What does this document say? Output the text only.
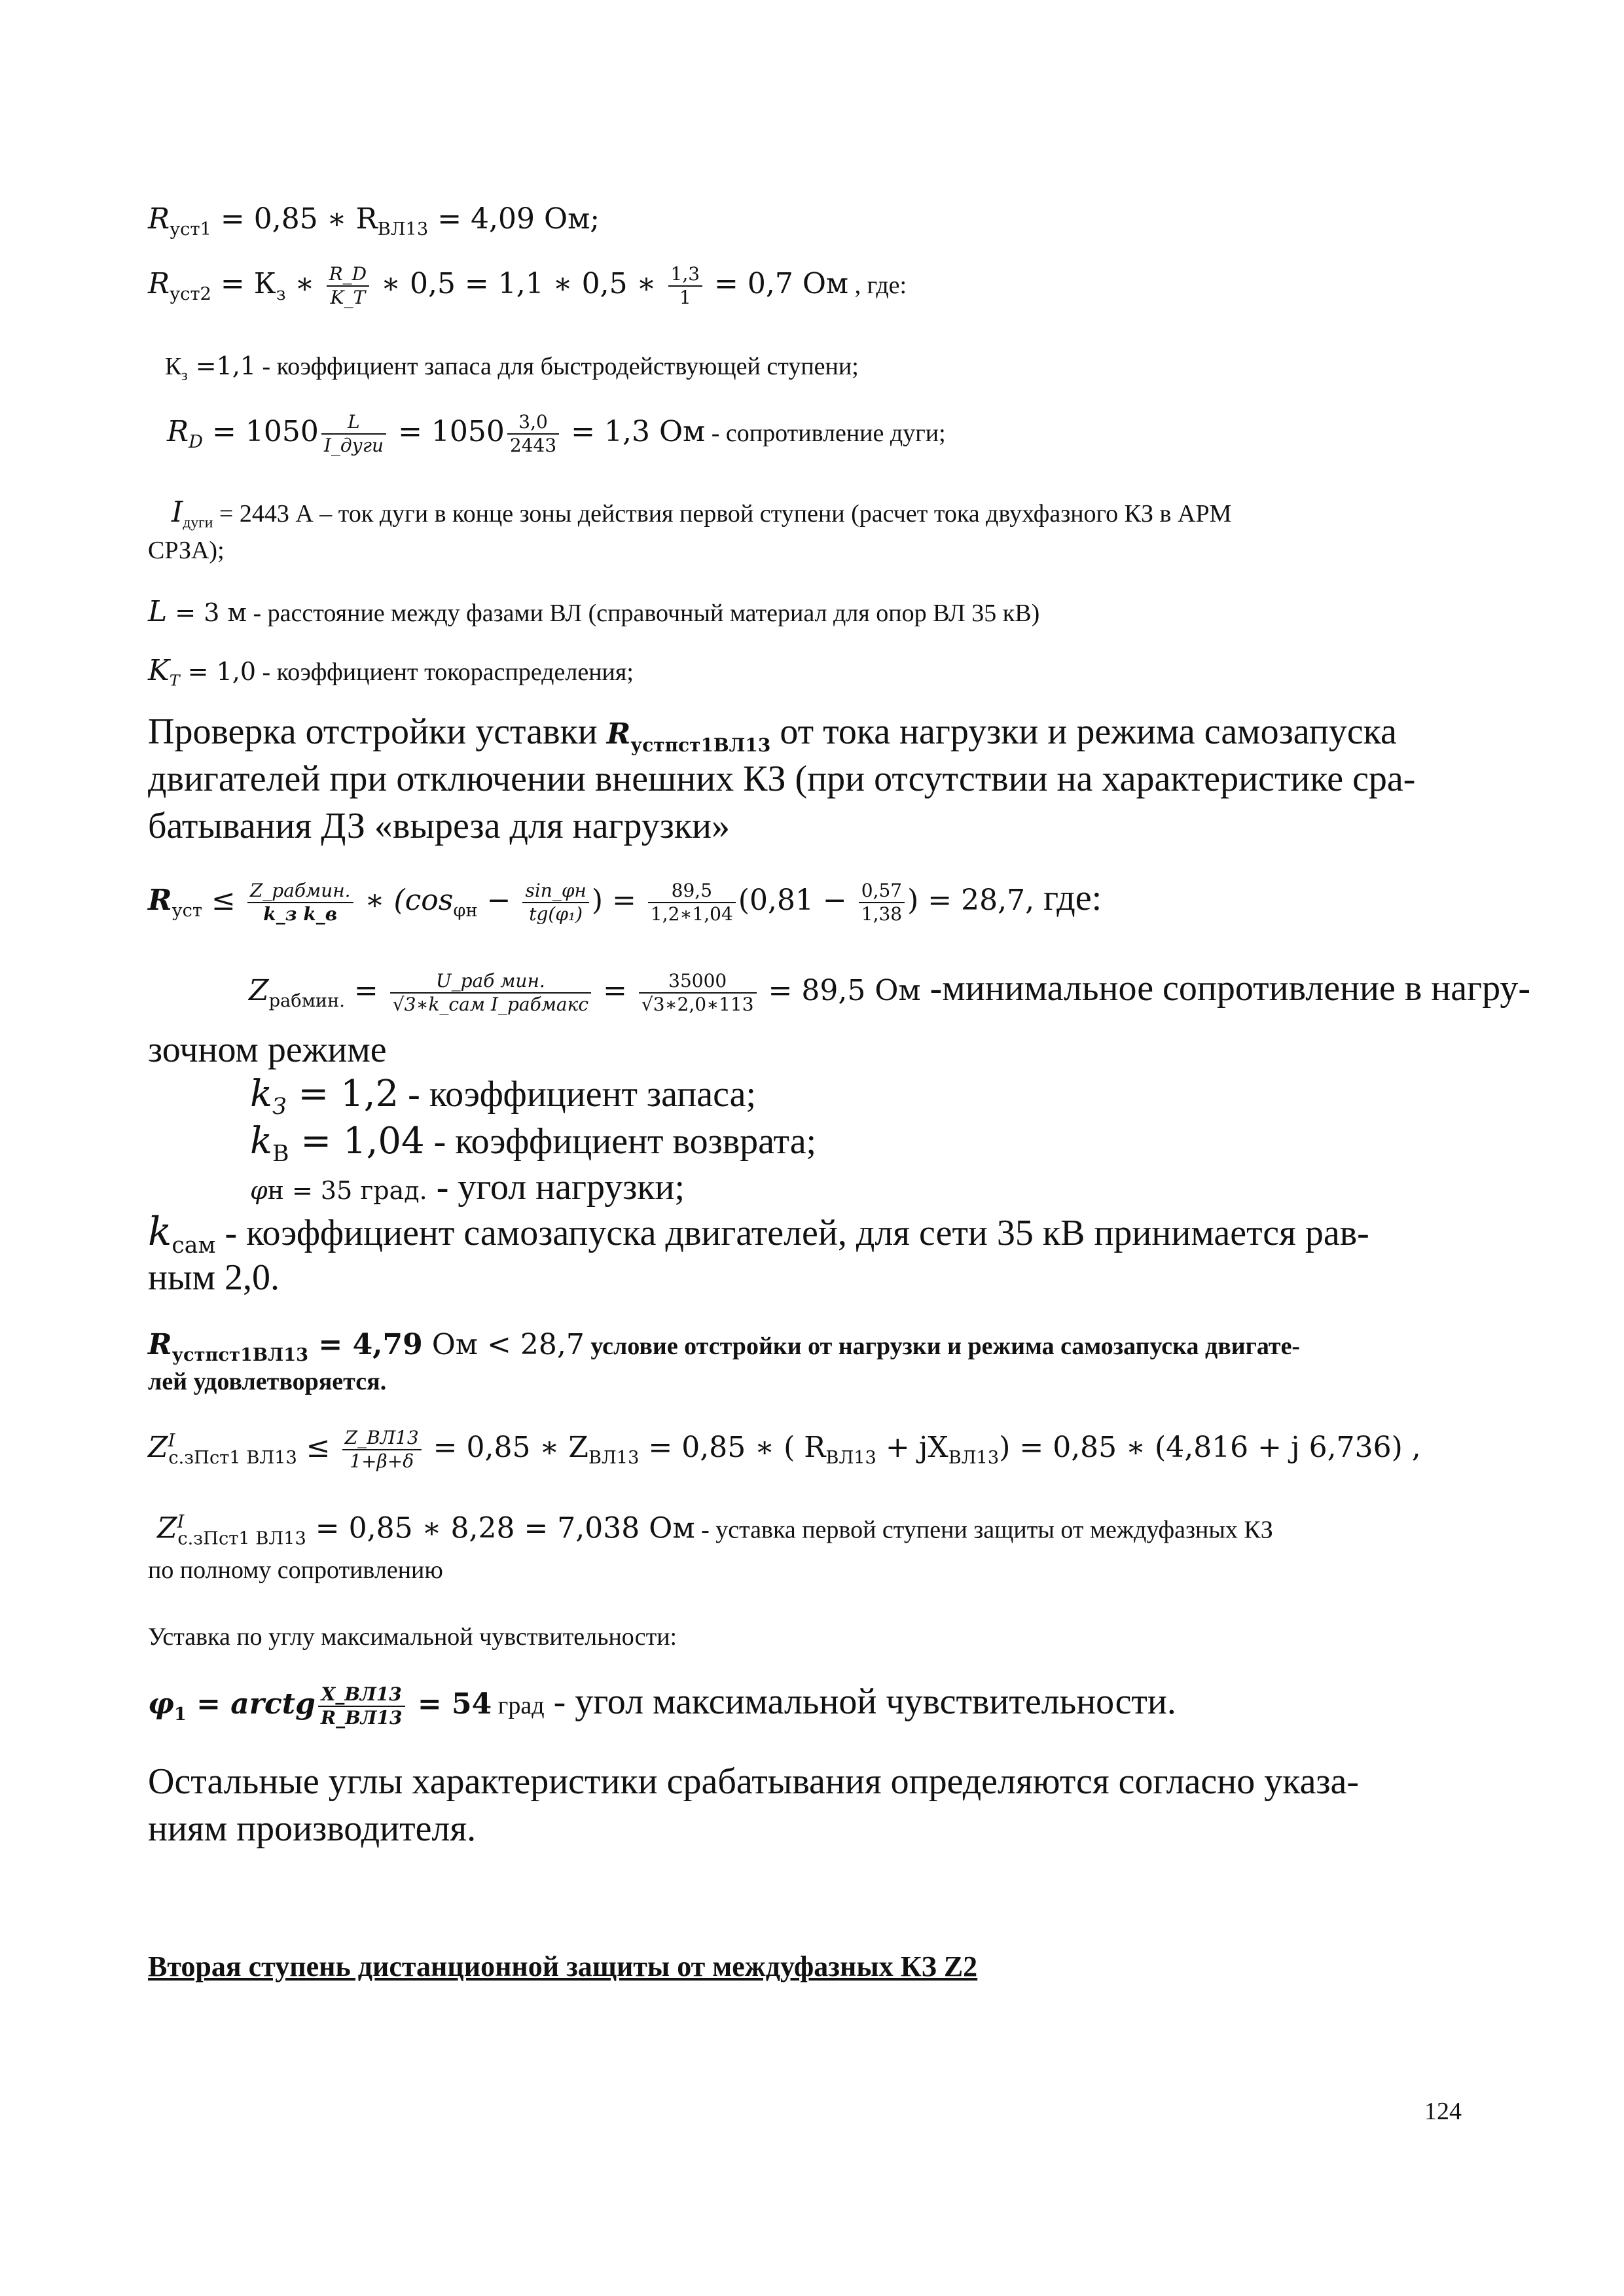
$R_{уст1} = 0,85$ ∗ $R_{ВЛ13} = 4,09$ Ом;
$R_{уст2} = К_з$ ∗ $\frac{R\_D}{K\_T}$ ∗ 0,5 = 1,1 ∗ 0,5 ∗ $\frac{1,3}{1} = 0,7$ Ом , где:
$К_з =1,1$ - коэффициент запаса для быстродействующей ступени;
$R_D = 1050 \frac{L}{\text{I\_дуги}} = 1050 \frac{3,0}{2443} = 1,3$ Ом - сопротивление дуги;
$I_{дуги} = 2443$ А – ток дуги в конце зоны действия первой ступени (расчет тока двухфазного КЗ в АРМ
СРЗА);
L = 3 м - расстояние между фазами ВЛ (справочный материал для опор ВЛ 35 кВ)
$K_T = 1,0$ - коэффициент токораспределения;
Проверка отстройки уставки $R_{устпст1ВЛ13}$ от тока нагрузки и режима самозапуска
двигателей при отключении внешних КЗ (при отсутствии на характеристике сра-
батывания ДЗ «выреза для нагрузки»
$R_{уст} \le \frac{\text{Z\_рабмин.}}{\text{k\_з k\_в}}$ ∗ ($\cos_{\varphi н} - \frac{\sin\_\varphi н}{\text{tg(φ₁)}}$ ) = $\frac{89,5}{1,2∗1,04} (0,81 - \frac{0,57}{1,38}$ ) = 28,7, где:
$Z_{рабмин.} = \frac{\text{U\_раб мин.}}{\text{√3∗k\_сам I\_рабмакс}} = \frac{35000}{√3∗2,0∗113} = 89,5$ Ом -минимальное сопротивление в нагру-
зочном режиме
$k_З = 1,2$ - коэффициент запаса;
$k_В = 1,04$ - коэффициент возврата;
φн = 35 град. - угол нагрузки;
$k_{сам}$ - коэффициент самозапуска двигателей, для сети 35 кВ принимается рав-
ным 2,0.
$R_{устпст1ВЛ13} = 4,79$ Ом < 28,7 условие отстройки от нагрузки и режима самозапуска двигате-
лей удовлетворяется.
$Z^I_{с.зПст1 ВЛ13} \le \frac{Z\_ВЛ13}{1+\beta+\delta} = 0,85$ ∗ $Z_{ВЛ13} = 0,85$ ∗ ( $R_{ВЛ13} + jX_{ВЛ13}) = 0,85$ ∗ (4,816 + j 6,736) ,
$Z^I_{с.зПст1 ВЛ13} = 0,85$ ∗ 8,28 = 7,038 Ом - уставка первой ступени защиты от междуфазных КЗ
по полному сопротивлению
Уставка по углу максимальной чувствительности:
$\varphi_1$ = arctg $\frac{X\_ВЛ13}{R\_ВЛ13} = 54$ град - угол максимальной чувствительности.
Остальные углы характеристики срабатывания определяются согласно указа-
ниям производителя.
Вторая ступень дистанционной защиты от междуфазных КЗ Z2
124
